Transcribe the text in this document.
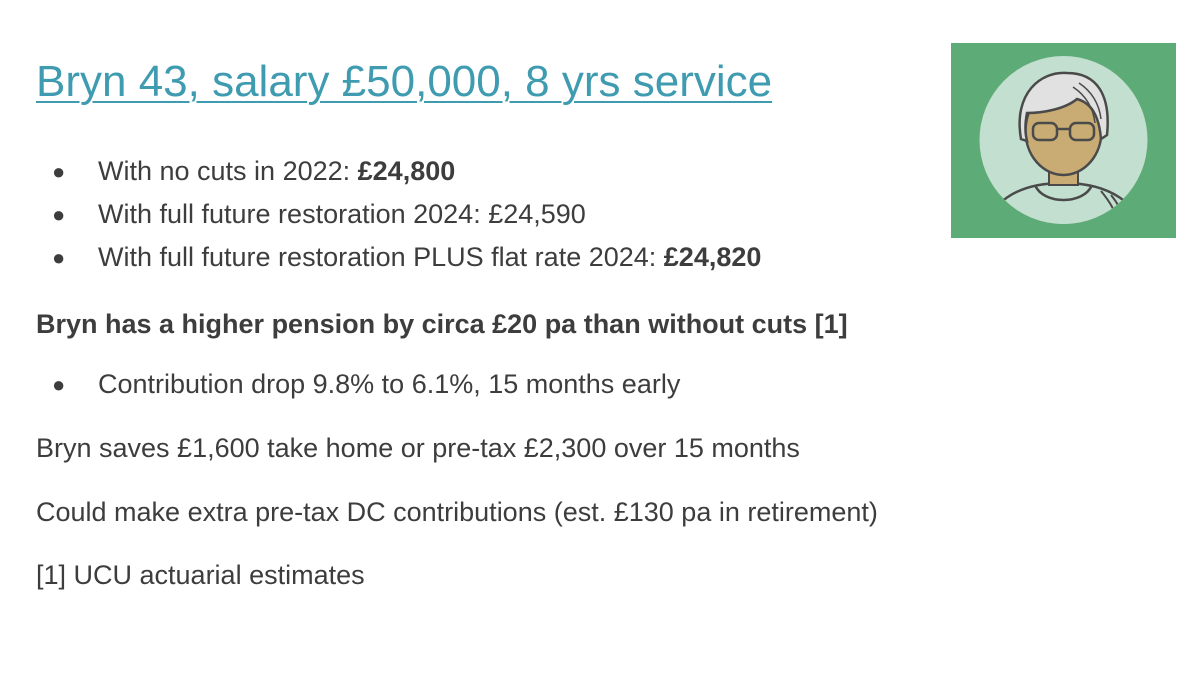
Bryn 43, salary £50,000, 8 yrs service
● With no cuts in 2022: £24,800
● With full future restoration 2024: £24,590
● With full future restoration PLUS flat rate 2024: £24,820
Bryn has a higher pension by circa £20 pa than without cuts [1]
● Contribution drop 9.8% to 6.1%, 15 months early
Bryn saves £1,600 take home or pre-tax £2,300 over 15 months
Could make extra pre-tax DC contributions (est. £130 pa in retirement)
[1] UCU actuarial estimates
